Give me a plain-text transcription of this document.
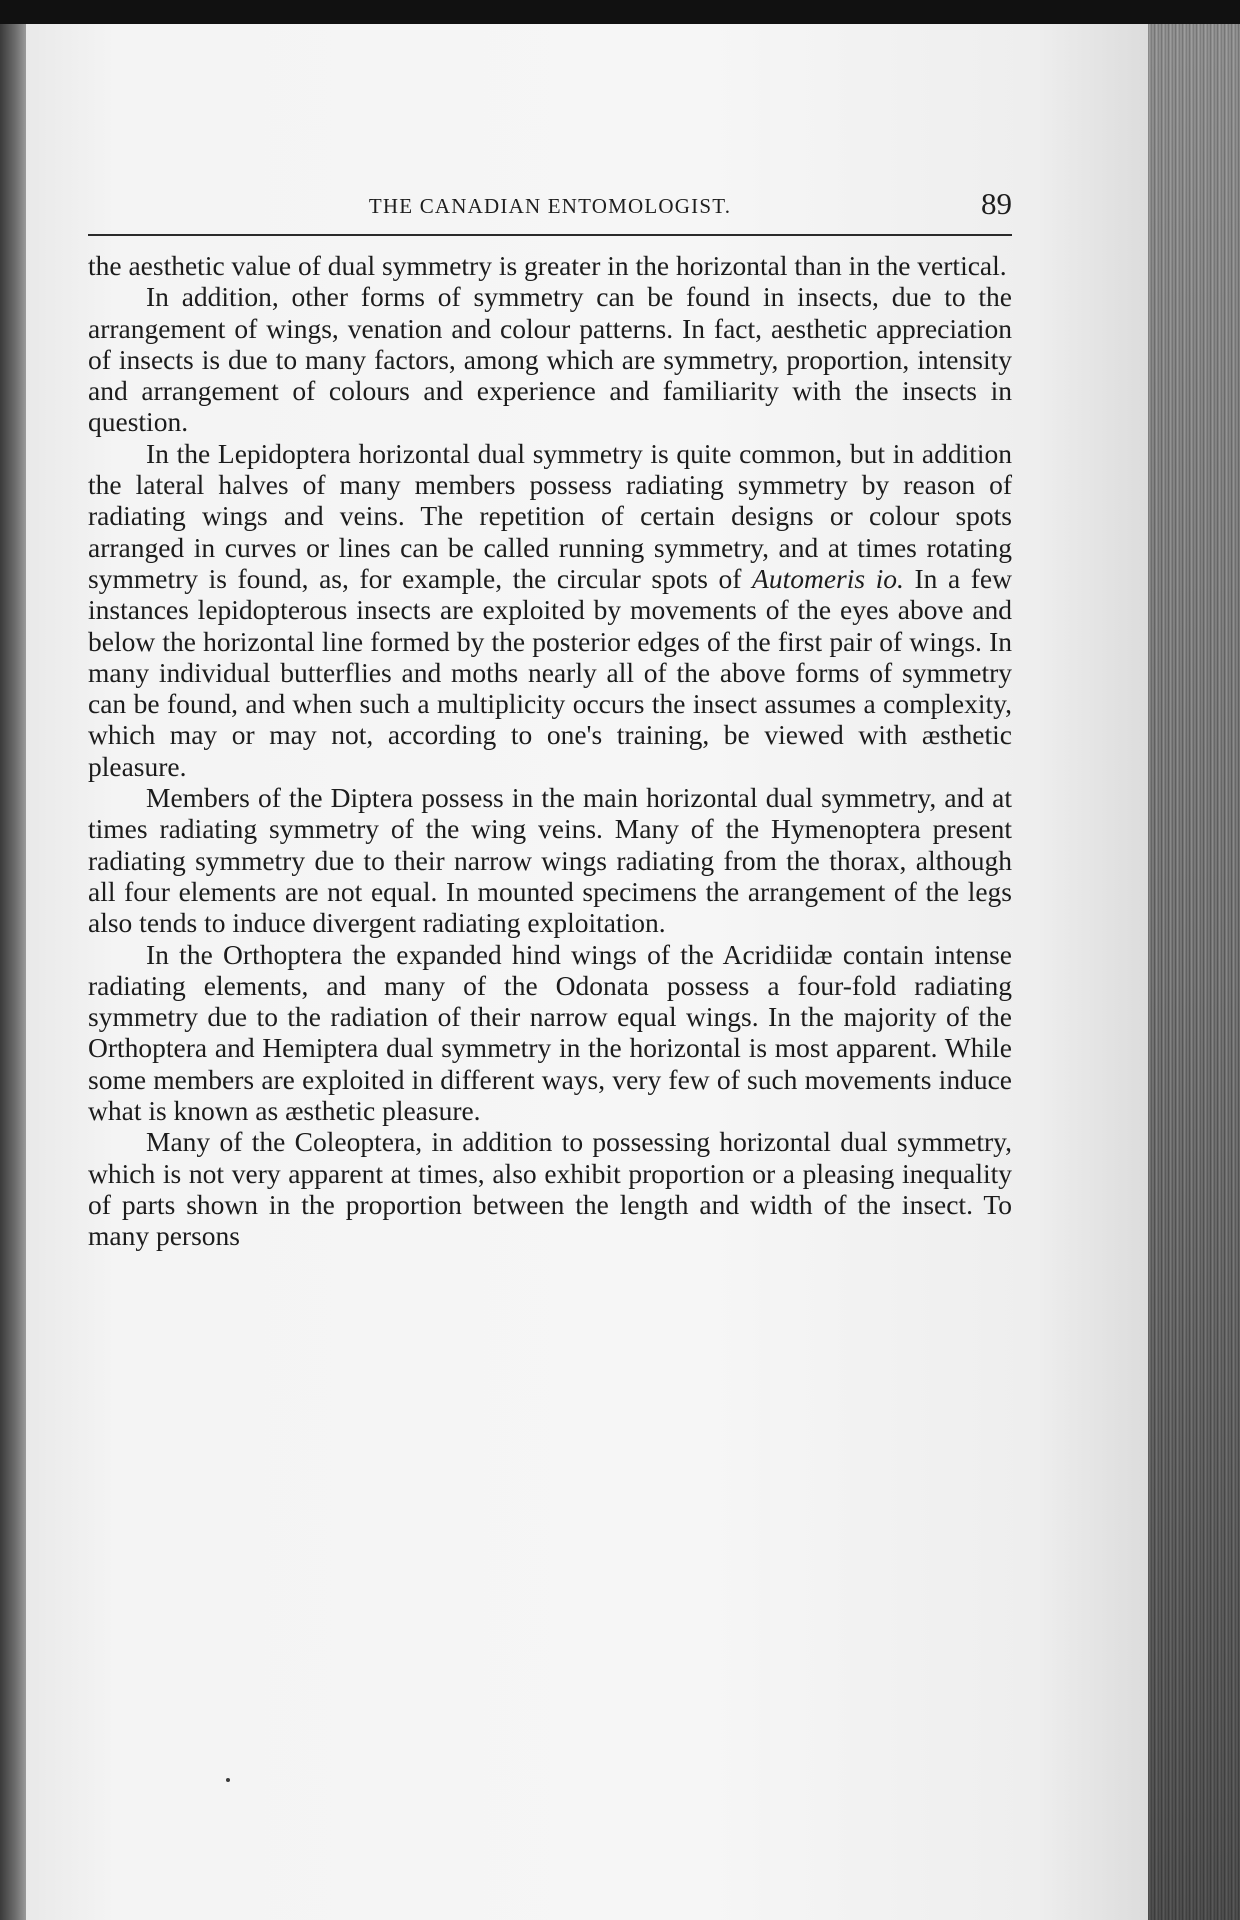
THE CANADIAN ENTOMOLOGIST.	89

the aesthetic value of dual symmetry is greater in the horizontal than in the vertical.

In addition, other forms of symmetry can be found in insects, due to the arrangement of wings, venation and colour patterns. In fact, aesthetic appreciation of insects is due to many factors, among which are symmetry, proportion, intensity and arrangement of colours and experience and familiarity with the insects in question.

In the Lepidoptera horizontal dual symmetry is quite common, but in addition the lateral halves of many members possess radiating symmetry by reason of radiating wings and veins. The repetition of certain designs or colour spots arranged in curves or lines can be called running symmetry, and at times rotating symmetry is found, as, for example, the circular spots of Automeris io. In a few instances lepidopterous insects are exploited by movements of the eyes above and below the horizontal line formed by the posterior edges of the first pair of wings. In many individual butterflies and moths nearly all of the above forms of symmetry can be found, and when such a multiplicity occurs the insect assumes a complexity, which may or may not, according to one's training, be viewed with æsthetic pleasure.

Members of the Diptera possess in the main horizontal dual symmetry, and at times radiating symmetry of the wing veins. Many of the Hymenoptera present radiating symmetry due to their narrow wings radiating from the thorax, although all four elements are not equal. In mounted specimens the arrangement of the legs also tends to induce divergent radiating exploitation.

In the Orthoptera the expanded hind wings of the Acridiidæ contain intense radiating elements, and many of the Odonata possess a four-fold radiating symmetry due to the radiation of their narrow equal wings. In the majority of the Orthoptera and Hemiptera dual symmetry in the horizontal is most apparent. While some members are exploited in different ways, very few of such movements induce what is known as æsthetic pleasure.

Many of the Coleoptera, in addition to possessing horizontal dual symmetry, which is not very apparent at times, also exhibit proportion or a pleasing inequality of parts shown in the proportion between the length and width of the insect. To many persons
